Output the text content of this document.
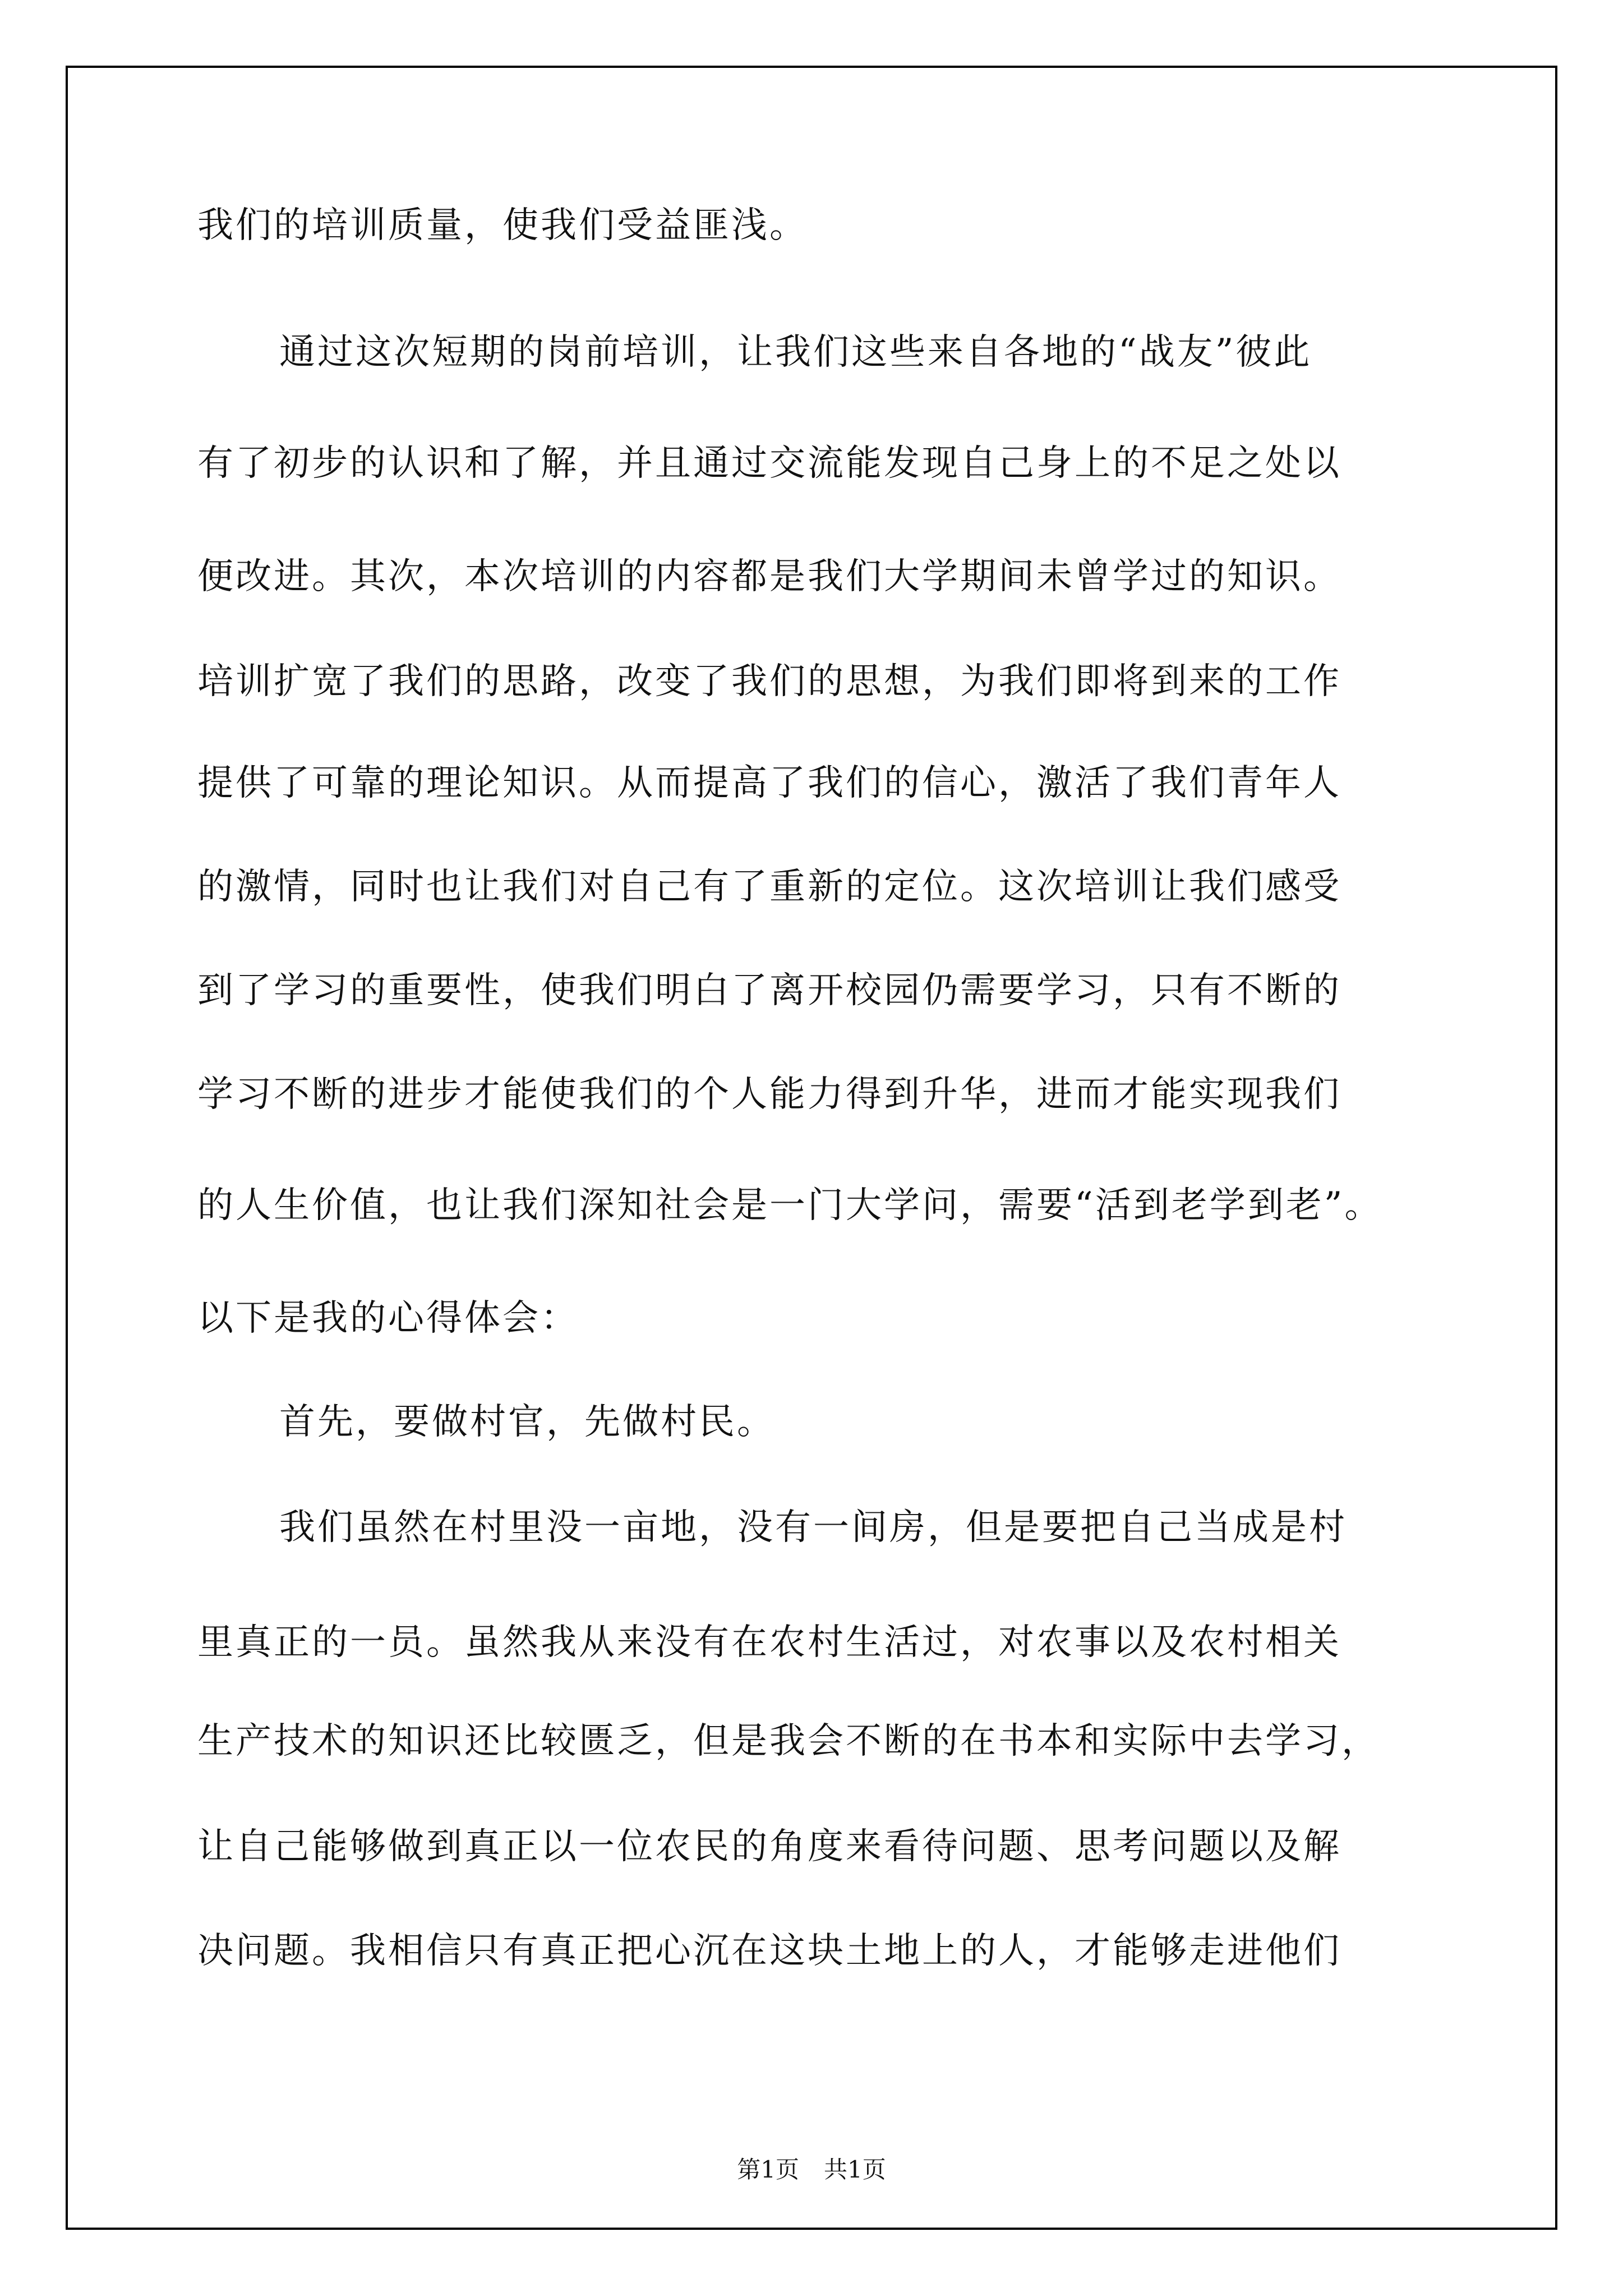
我们的培训质量，使我们受益匪浅。
通过这次短期的岗前培训，让我们这些来自各地的“战友”彼此
有了初步的认识和了解，并且通过交流能发现自己身上的不足之处以
便改进。其次，本次培训的内容都是我们大学期间未曾学过的知识。
培训扩宽了我们的思路，改变了我们的思想，为我们即将到来的工作
提供了可靠的理论知识。从而提高了我们的信心，激活了我们青年人
的激情，同时也让我们对自己有了重新的定位。这次培训让我们感受
到了学习的重要性，使我们明白了离开校园仍需要学习，只有不断的
学习不断的进步才能使我们的个人能力得到升华，进而才能实现我们
的人生价值，也让我们深知社会是一门大学问，需要“活到老学到老”。
以下是我的心得体会：
首先，要做村官，先做村民。
我们虽然在村里没一亩地，没有一间房，但是要把自己当成是村
里真正的一员。虽然我从来没有在农村生活过，对农事以及农村相关
生产技术的知识还比较匮乏，但是我会不断的在书本和实际中去学习，
让自己能够做到真正以一位农民的角度来看待问题、思考问题以及解
决问题。我相信只有真正把心沉在这块土地上的人，才能够走进他们
第1页 共1页
